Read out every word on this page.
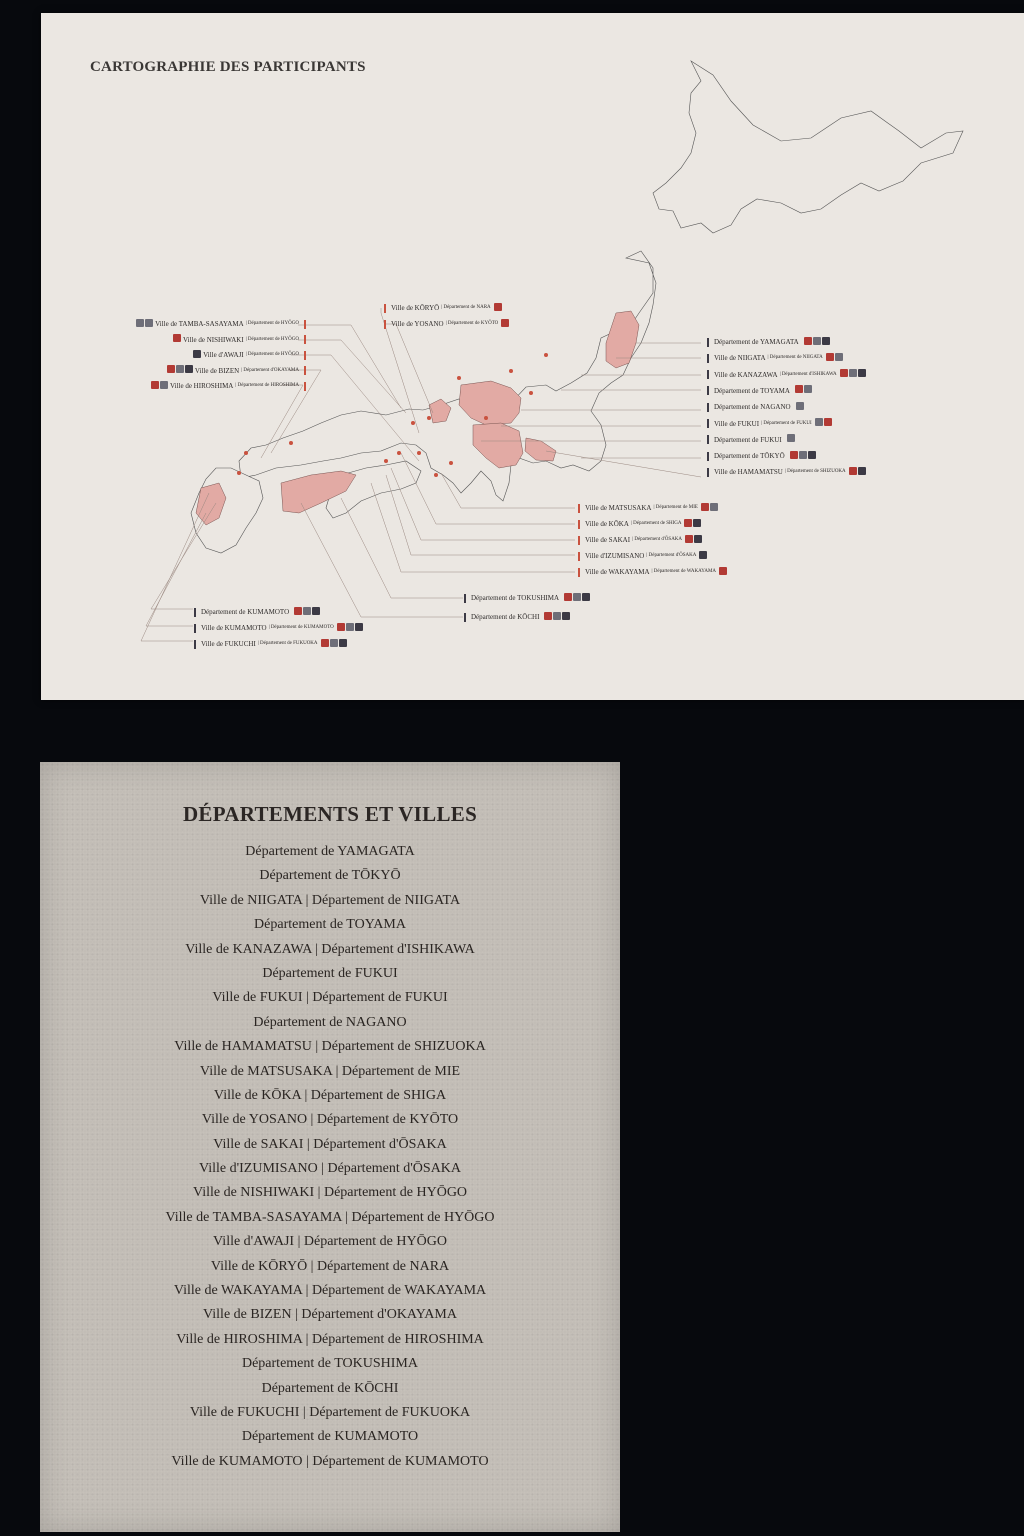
CARTOGRAPHIE DES PARTICIPANTS
Ville de TAMBA-SASAYAMA | Département de HYŌGO
Ville de NISHIWAKI | Département de HYŌGO
Ville d'AWAJI | Département de HYŌGO
Ville de BIZEN | Département d'OKAYAMA
Ville de HIROSHIMA | Département de HIROSHIMA
Ville de KŌRYŌ | Département de NARA
Ville de YOSANO | Département de KYŌTO
Département de YAMAGATA
Ville de NIIGATA | Département de NIIGATA
Ville de KANAZAWA | Département d'ISHIKAWA
Département de TOYAMA
Département de NAGANO
Ville de FUKUI | Département de FUKUI
Département de FUKUI
Département de TŌKYŌ
Ville de HAMAMATSU | Département de SHIZUOKA
Ville de MATSUSAKA | Département de MIE
Ville de KŌKA | Département de SHIGA
Ville de SAKAI | Département d'ŌSAKA
Ville d'IZUMISANO | Département d'ŌSAKA
Ville de WAKAYAMA | Département de WAKAYAMA
Département de TOKUSHIMA
Département de KŌCHI
Département de KUMAMOTO
Ville de KUMAMOTO | Département de KUMAMOTO
Ville de FUKUCHI | Département de FUKUOKA
DÉPARTEMENTS ET VILLES
Département de YAMAGATA
Département de TŌKYŌ
Ville de NIIGATA | Département de NIIGATA
Département de TOYAMA
Ville de KANAZAWA | Département d'ISHIKAWA
Département de FUKUI
Ville de FUKUI | Département de FUKUI
Département de NAGANO
Ville de HAMAMATSU | Département de SHIZUOKA
Ville de MATSUSAKA | Département de MIE
Ville de KŌKA | Département de SHIGA
Ville de YOSANO | Département de KYŌTO
Ville de SAKAI | Département d'ŌSAKA
Ville d'IZUMISANO | Département d'ŌSAKA
Ville de NISHIWAKI | Département de HYŌGO
Ville de TAMBA-SASAYAMA | Département de HYŌGO
Ville d'AWAJI | Département de HYŌGO
Ville de KŌRYŌ | Département de NARA
Ville de WAKAYAMA | Département de WAKAYAMA
Ville de BIZEN | Département d'OKAYAMA
Ville de HIROSHIMA | Département de HIROSHIMA
Département de TOKUSHIMA
Département de KŌCHI
Ville de FUKUCHI | Département de FUKUOKA
Département de KUMAMOTO
Ville de KUMAMOTO | Département de KUMAMOTO
